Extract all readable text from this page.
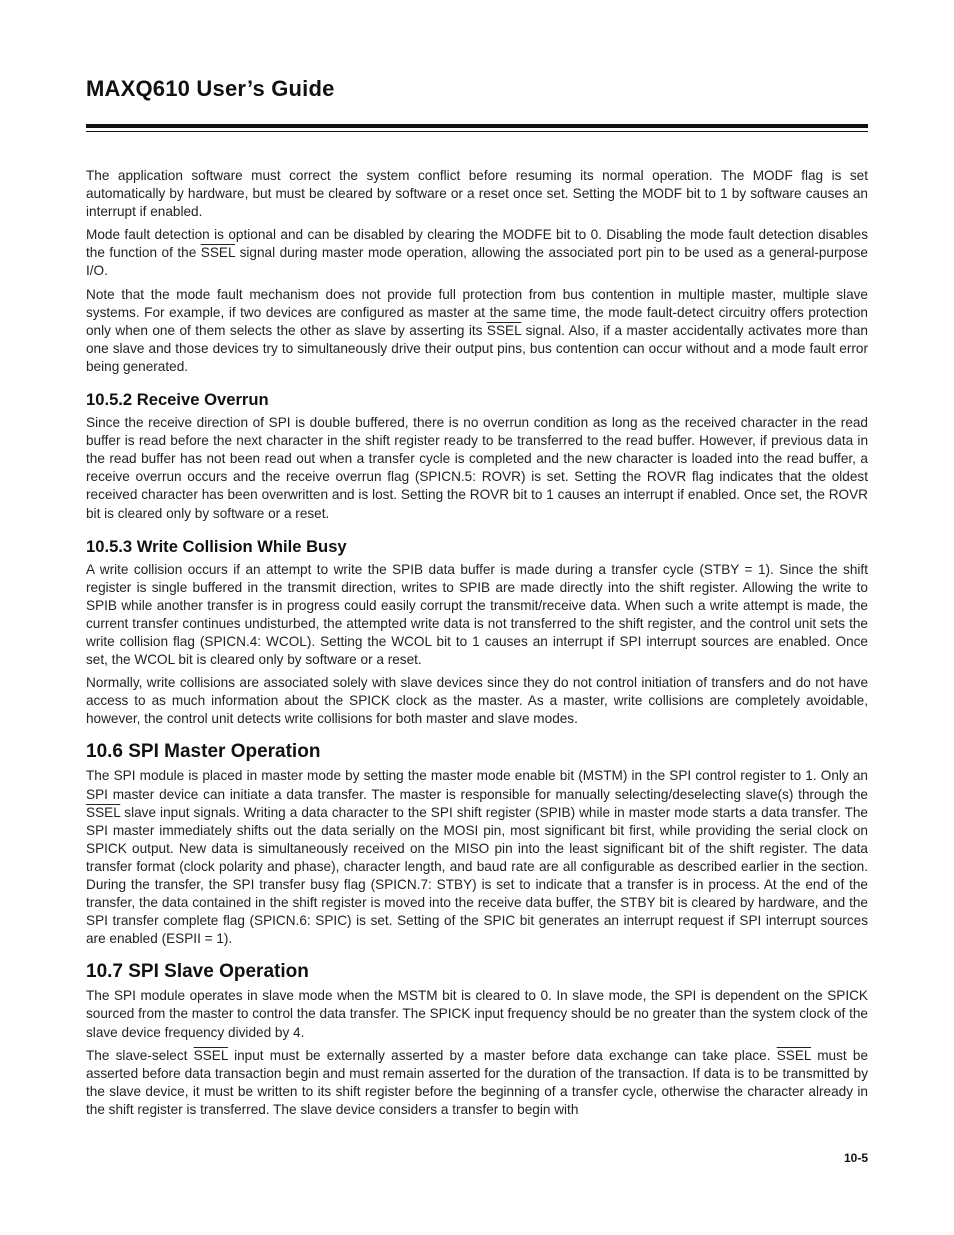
MAXQ610 User’s Guide

The application software must correct the system conflict before resuming its normal operation. The MODF flag is set automatically by hardware, but must be cleared by software or a reset once set. Setting the MODF bit to 1 by software causes an interrupt if enabled.

Mode fault detection is optional and can be disabled by clearing the MODFE bit to 0. Disabling the mode fault detection disables the function of the SSEL signal during master mode operation, allowing the associated port pin to be used as a general-purpose I/O.

Note that the mode fault mechanism does not provide full protection from bus contention in multiple master, multiple slave systems. For example, if two devices are configured as master at the same time, the mode fault-detect circuitry offers protection only when one of them selects the other as slave by asserting its SSEL signal. Also, if a master accidentally activates more than one slave and those devices try to simultaneously drive their output pins, bus contention can occur without and a mode fault error being generated.

10.5.2 Receive Overrun

Since the receive direction of SPI is double buffered, there is no overrun condition as long as the received character in the read buffer is read before the next character in the shift register ready to be transferred to the read buffer. However, if previous data in the read buffer has not been read out when a transfer cycle is completed and the new character is loaded into the read buffer, a receive overrun occurs and the receive overrun flag (SPICN.5: ROVR) is set. Setting the ROVR flag indicates that the oldest received character has been overwritten and is lost. Setting the ROVR bit to 1 causes an interrupt if enabled. Once set, the ROVR bit is cleared only by software or a reset.

10.5.3 Write Collision While Busy

A write collision occurs if an attempt to write the SPIB data buffer is made during a transfer cycle (STBY = 1). Since the shift register is single buffered in the transmit direction, writes to SPIB are made directly into the shift register. Allowing the write to SPIB while another transfer is in progress could easily corrupt the transmit/receive data. When such a write attempt is made, the current transfer continues undisturbed, the attempted write data is not transferred to the shift register, and the control unit sets the write collision flag (SPICN.4: WCOL). Setting the WCOL bit to 1 causes an interrupt if SPI interrupt sources are enabled. Once set, the WCOL bit is cleared only by software or a reset.

Normally, write collisions are associated solely with slave devices since they do not control initiation of transfers and do not have access to as much information about the SPICK clock as the master. As a master, write collisions are completely avoidable, however, the control unit detects write collisions for both master and slave modes.

10.6 SPI Master Operation

The SPI module is placed in master mode by setting the master mode enable bit (MSTM) in the SPI control register to 1. Only an SPI master device can initiate a data transfer. The master is responsible for manually selecting/deselecting slave(s) through the SSEL slave input signals. Writing a data character to the SPI shift register (SPIB) while in master mode starts a data transfer. The SPI master immediately shifts out the data serially on the MOSI pin, most significant bit first, while providing the serial clock on SPICK output. New data is simultaneously received on the MISO pin into the least significant bit of the shift register. The data transfer format (clock polarity and phase), character length, and baud rate are all configurable as described earlier in the section. During the transfer, the SPI transfer busy flag (SPICN.7: STBY) is set to indicate that a transfer is in process. At the end of the transfer, the data contained in the shift register is moved into the receive data buffer, the STBY bit is cleared by hardware, and the SPI transfer complete flag (SPICN.6: SPIC) is set. Setting of the SPIC bit generates an interrupt request if SPI interrupt sources are enabled (ESPII = 1).

10.7 SPI Slave Operation

The SPI module operates in slave mode when the MSTM bit is cleared to 0. In slave mode, the SPI is dependent on the SPICK sourced from the master to control the data transfer. The SPICK input frequency should be no greater than the system clock of the slave device frequency divided by 4.

The slave-select SSEL input must be externally asserted by a master before data exchange can take place. SSEL must be asserted before data transaction begin and must remain asserted for the duration of the transaction. If data is to be transmitted by the slave device, it must be written to its shift register before the beginning of a transfer cycle, otherwise the character already in the shift register is transferred. The slave device considers a transfer to begin with

10-5
